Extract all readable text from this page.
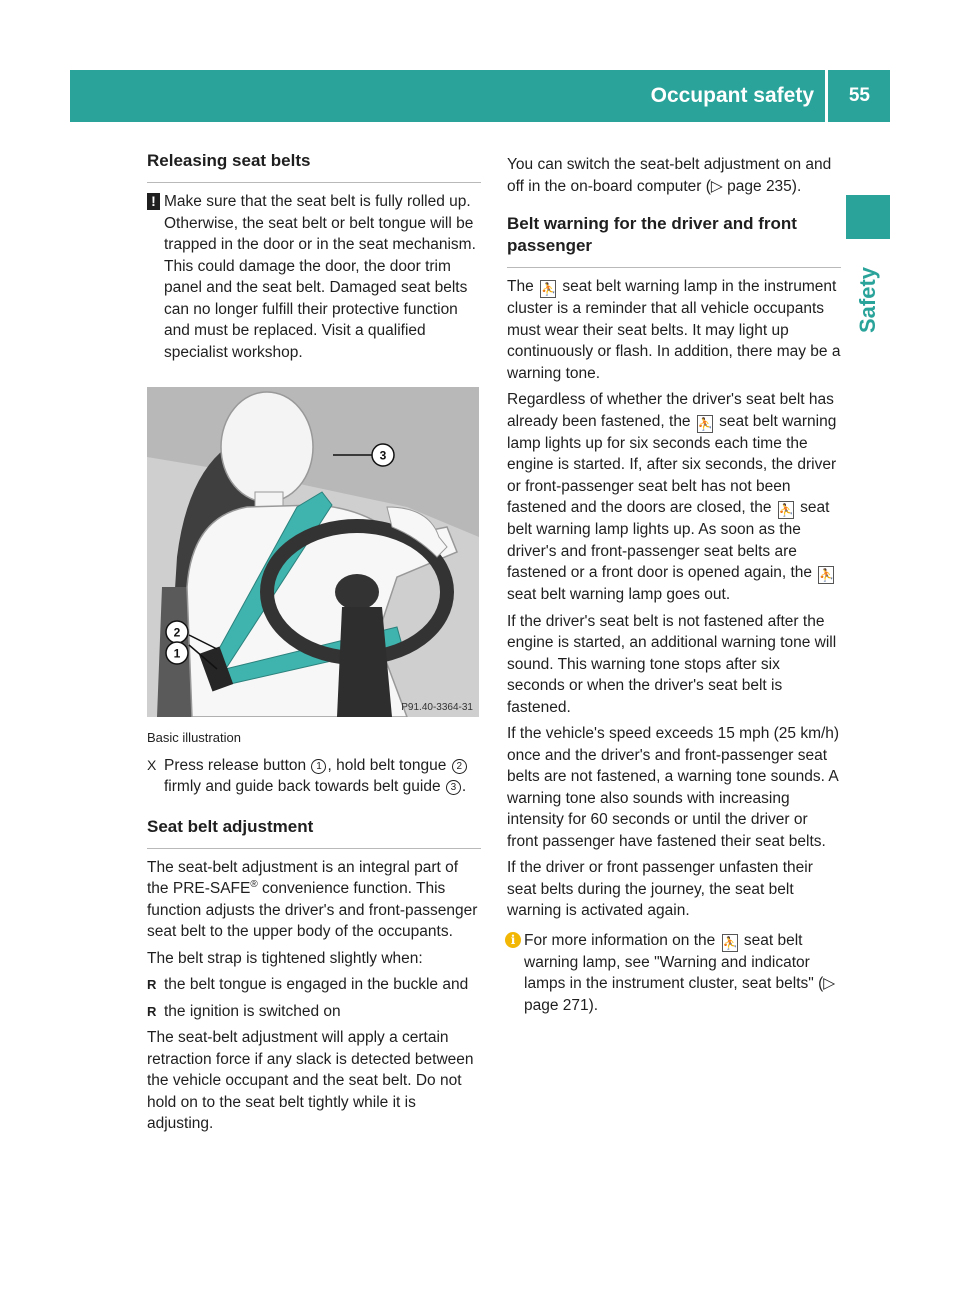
Occupant safety 55
Safety
Releasing seat belts
! Make sure that the seat belt is fully rolled up. Otherwise, the seat belt or belt tongue will be trapped in the door or in the seat mechanism. This could damage the door, the door trim panel and the seat belt. Damaged seat belts can no longer fulfill their protective function and must be replaced. Visit a qualified specialist workshop.
3
2
1
P91.40-3364-31

Basic illustration

X Press release button 1 , hold belt tongue 2 firmly and guide back towards belt guide 3 .
Seat belt adjustment

The seat-belt adjustment is an integral part of the PRE-SAFE® convenience function. This function adjusts the driver's and front-passenger seat belt to the upper body of the occupants.

The belt strap is tightened slightly when:

R the belt tongue is engaged in the buckle and
R the ignition is switched on

The seat-belt adjustment will apply a certain retraction force if any slack is detected between the vehicle occupant and the seat belt. Do not hold on to the seat belt tightly while it is adjusting.

You can switch the seat-belt adjustment on and off in the on-board computer (▷ page 235).

Belt warning for the driver and front passenger

The ⛹ seat belt warning lamp in the instrument cluster is a reminder that all vehicle occupants must wear their seat belts. It may light up continuously or flash. In addition, there may be a warning tone.

Regardless of whether the driver's seat belt has already been fastened, the ⛹ seat belt warning lamp lights up for six seconds each time the engine is started. If, after six seconds, the driver or front-passenger seat belt has not been fastened and the doors are closed, the ⛹ seat belt warning lamp lights up. As soon as the driver's and front-passenger seat belts are fastened or a front door is opened again, the ⛹ seat belt warning lamp goes out.

If the driver's seat belt is not fastened after the engine is started, an additional warning tone will sound. This warning tone stops after six seconds or when the driver's seat belt is fastened.

If the vehicle's speed exceeds 15 mph (25 km/h) once and the driver's and front-passenger seat belts are not fastened, a warning tone sounds. A warning tone also sounds with increasing intensity for 60 seconds or until the driver or front passenger have fastened their seat belts.

If the driver or front passenger unfasten their seat belts during the journey, the seat belt warning is activated again.

i For more information on the ⛹ seat belt warning lamp, see "Warning and indicator lamps in the instrument cluster, seat belts" (▷ page 271).
